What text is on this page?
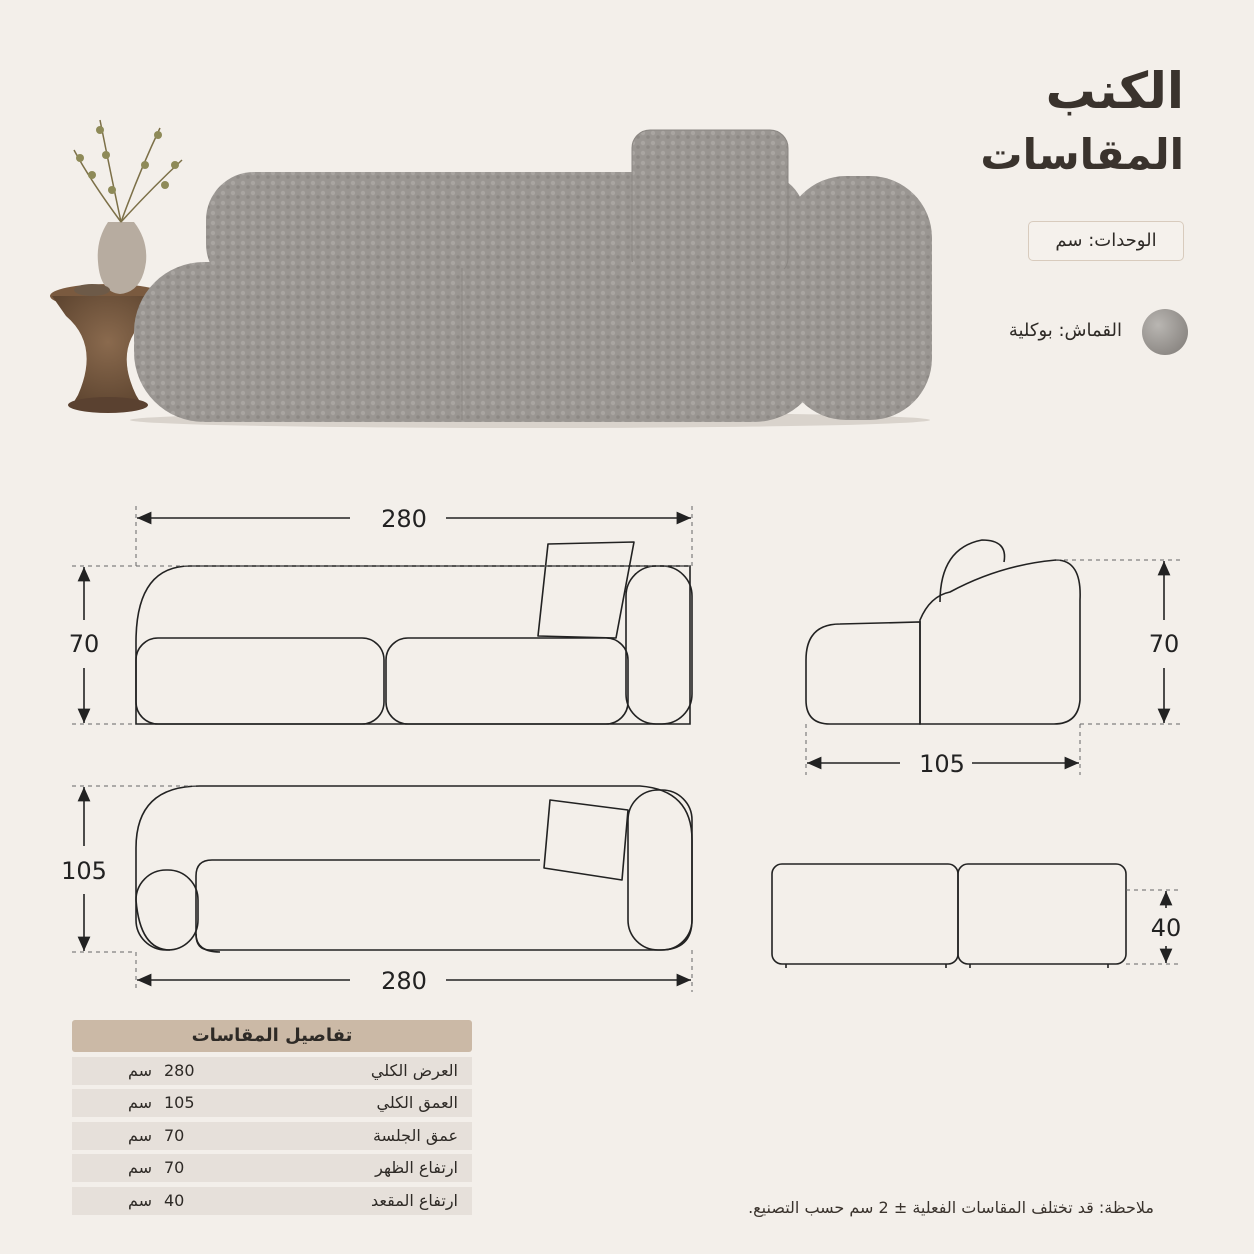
280
70	70
105
105
280
40
الكنب
المقاسات
الوحدات: سم
القماش: بوكلية
تفاصيل المقاسات
العرض الكلي
280
سم
العمق الكلي
105
سم
عمق الجلسة
70
سم
ارتفاع الظهر
70
سم
ارتفاع المقعد
40
سم	ملاحظة: قد تختلف المقاسات الفعلية ± 2 سم حسب التصنيع.
